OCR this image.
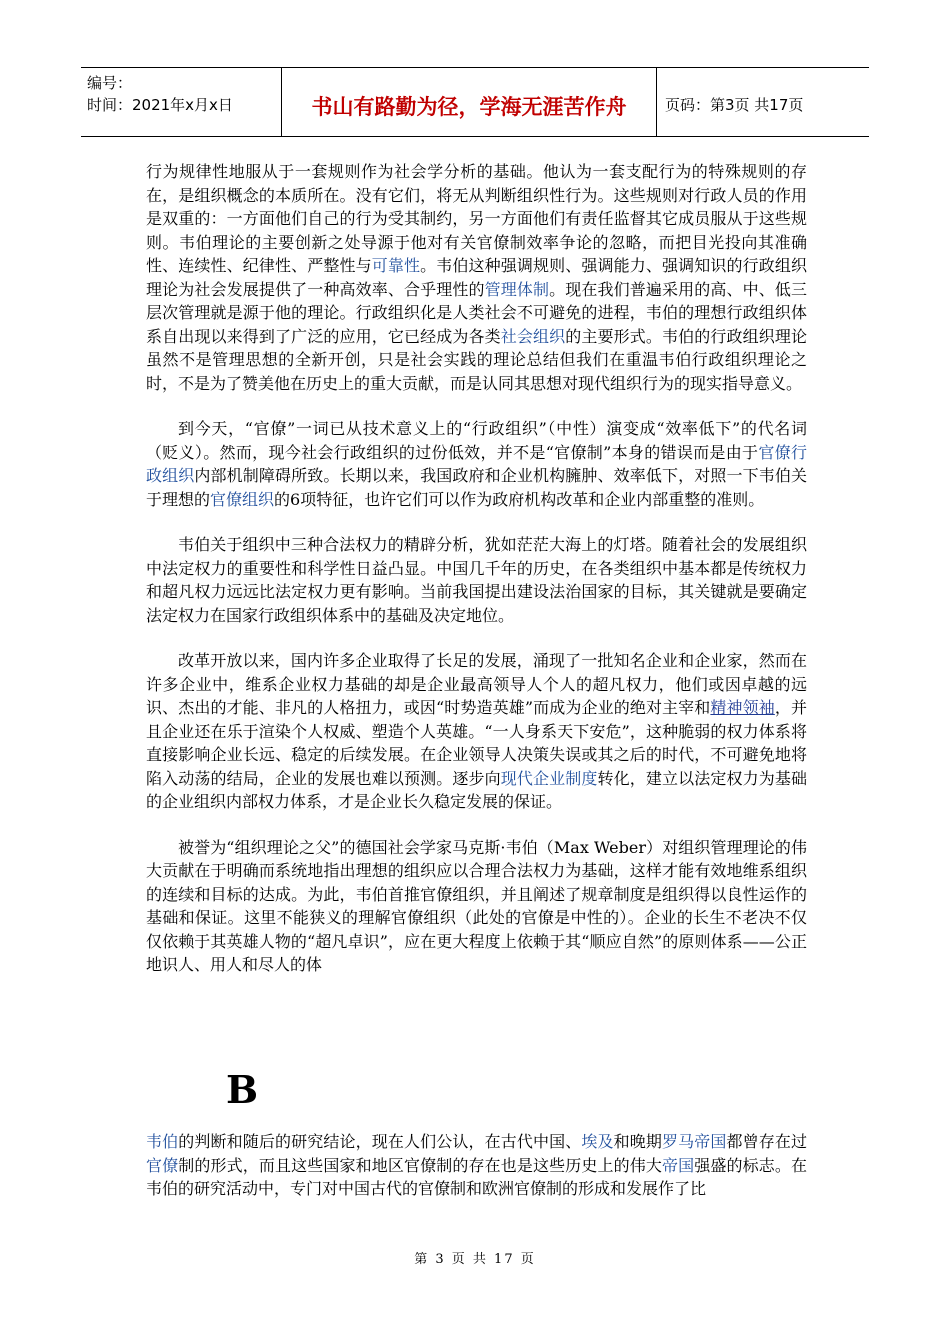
编号：
时间：2021年x月x日	书山有路勤为径，学海无涯苦作舟	页码：第3页 共17页

行为规律性地服从于一套规则作为社会学分析的基础。他认为一套支配行为的特殊规则的存在，是组织概念的本质所在。没有它们，将无从判断组织性行为。这些规则对行政人员的作用是双重的：一方面他们自己的行为受其制约，另一方面他们有责任监督其它成员服从于这些规则。韦伯理论的主要创新之处导源于他对有关官僚制效率争论的忽略，而把目光投向其准确性、连续性、纪律性、严整性与可靠性。韦伯这种强调规则、强调能力、强调知识的行政组织理论为社会发展提供了一种高效率、合乎理性的管理体制。现在我们普遍采用的高、中、低三层次管理就是源于他的理论。行政组织化是人类社会不可避免的进程，韦伯的理想行政组织体系自出现以来得到了广泛的应用，它已经成为各类社会组织的主要形式。韦伯的行政组织理论虽然不是管理思想的全新开创，只是社会实践的理论总结但我们在重温韦伯行政组织理论之时，不是为了赞美他在历史上的重大贡献，而是认同其思想对现代组织行为的现实指导意义。

到今天，“官僚”一词已从技术意义上的“行政组织”（中性）演变成“效率低下”的代名词（贬义）。然而，现今社会行政组织的过份低效，并不是“官僚制”本身的错误而是由于官僚行政组织内部机制障碍所致。长期以来，我国政府和企业机构臃肿、效率低下，对照一下韦伯关于理想的官僚组织的6项特征，也许它们可以作为政府机构改革和企业内部重整的准则。

韦伯关于组织中三种合法权力的精辟分析，犹如茫茫大海上的灯塔。随着社会的发展组织中法定权力的重要性和科学性日益凸显。中国几千年的历史，在各类组织中基本都是传统权力和超凡权力远远比法定权力更有影响。当前我国提出建设法治国家的目标，其关键就是要确定法定权力在国家行政组织体系中的基础及决定地位。

改革开放以来，国内许多企业取得了长足的发展，涌现了一批知名企业和企业家，然而在许多企业中，维系企业权力基础的却是企业最高领导人个人的超凡权力，他们或因卓越的远识、杰出的才能、非凡的人格扭力，或因“时势造英雄”而成为企业的绝对主宰和精神领袖，并且企业还在乐于渲染个人权威、塑造个人英雄。“一人身系天下安危”，这种脆弱的权力体系将直接影响企业长远、稳定的后续发展。在企业领导人决策失误或其之后的时代，不可避免地将陷入动荡的结局，企业的发展也难以预测。逐步向现代企业制度转化，建立以法定权力为基础的企业组织内部权力体系，才是企业长久稳定发展的保证。

被誉为“组织理论之父”的德国社会学家马克斯·韦伯（Max Weber）对组织管理理论的伟大贡献在于明确而系统地指出理想的组织应以合理合法权力为基础，这样才能有效地维系组织的连续和目标的达成。为此，韦伯首推官僚组织，并且阐述了规章制度是组织得以良性运作的基础和保证。这里不能狭义的理解官僚组织（此处的官僚是中性的）。企业的长生不老决不仅仅依赖于其英雄人物的“超凡卓识”，应在更大程度上依赖于其“顺应自然”的原则体系——公正地识人、用人和尽人的体

B

韦伯的判断和随后的研究结论，现在人们公认，在古代中国、埃及和晚期罗马帝国都曾存在过官僚制的形式，而且这些国家和地区官僚制的存在也是这些历史上的伟大帝国强盛的标志。在韦伯的研究活动中，专门对中国古代的官僚制和欧洲官僚制的形成和发展作了比

第 3 页 共 17 页
